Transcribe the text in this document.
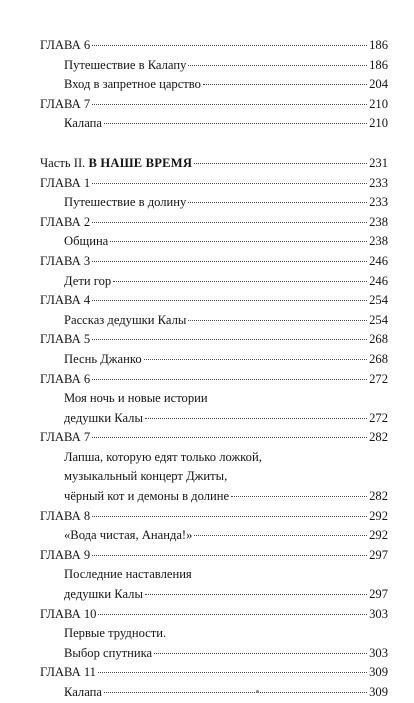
ГЛАВА 6	186
Путешествие в Калапу	186
Вход в запретное царство	204
ГЛАВА 7	210
Калапа	210
Часть II. В НАШЕ ВРЕМЯ	231
ГЛАВА 1	233
Путешествие в долину	233
ГЛАВА 2	238
Община	238
ГЛАВА 3	246
Дети гор	246
ГЛАВА 4	254
Рассказ дедушки Калы	254
ГЛАВА 5	268
Песнь Джанко	268
ГЛАВА 6	272
Моя ночь и новые истории
дедушки Калы	272
ГЛАВА 7	282
Лапша, которую едят только ложкой,
музыкальный концерт Джиты,
чёрный кот и демоны в долине	282
ГЛАВА 8	292
«Вода чистая, Ананда!»	292
ГЛАВА 9	297
Последние наставления
дедушки Калы	297
ГЛАВА 10	303
Первые трудности.
Выбор спутника	303
ГЛАВА 11	309
Калапа	309
